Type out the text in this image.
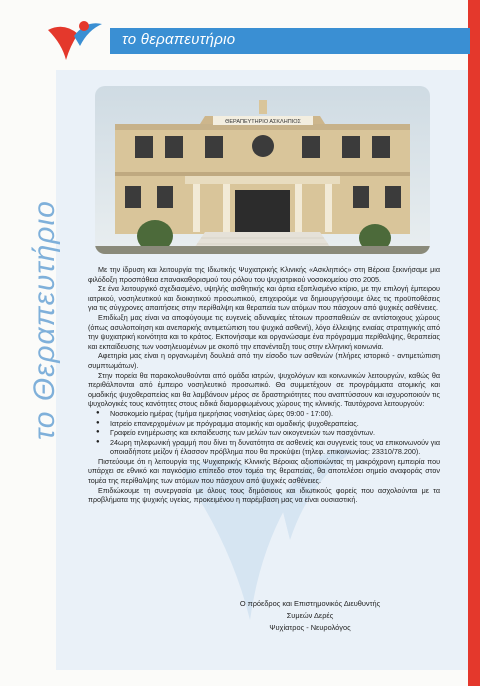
το θεραπευτήριο
το Θεραπευτήριο
ΘΕΡΑΠΕΥΤΗΡΙΟ ΑΣΚΛΗΠΙΟΣ

Με την ίδρυση και λειτουργία της Ιδιωτικής Ψυχιατρικής Κλινικής «Ασκληπιός» στη Βέροια ξεκινήσαμε μια φιλόδοξη προσπάθεια επανακαθορισμού του ρόλου του ψυχιατρικού νοσοκομείου στο 2005.

Σε ένα λειτουργικό σχεδιασμένο, υψηλής αισθητικής και άρτια εξοπλισμένο κτίριο, με την επιλογή έμπειρου ιατρικού, νοσηλευτικού και διοικητικού προσωπικού, επιχειρούμε να δημιουργήσουμε όλες τις προϋποθέσεις για τις σύγχρονες απαιτήσεις στην περίθαλψη και θεραπεία των ατόμων που πάσχουν από ψυχικές ασθένειες.

Επιδίωξη μας είναι να αποφύγουμε τις ευγενείς αδυναμίες τέτοιων προσπαθειών σε αντίστοιχους χώρους (όπως ασυλοποίηση και ανεπαρκής αντιμετώπιση του ψυχικά ασθενή), λόγο έλλειψης ενιαίας στρατηγικής από την ψυχιατρική κοινότητα και το κράτος. Εκπονήσαμε και οργανώσαμε ένα πρόγραμμα περίθαλψης, θεραπείας και εκπαίδευσης των νοσηλευομένων με σκοπό την επανένταξη τους στην ελληνική κοινωνία.

Αφετηρία μας είναι η οργανωμένη δουλειά από την είσοδο των ασθενών (πλήρες ιστορικό - αντιμετώπιση συμπτωμάτων).

Στην πορεία θα παρακολουθούνται από ομάδα ιατρών, ψυχολόγων και κοινωνικών λειτουργών, καθώς θα περιθάλπονται από έμπειρο νοσηλευτικό προσωπικό. Θα συμμετέχουν σε προγράμματα ατομικής και ομαδικής ψυχοθεραπείας και θα λαμβάνουν μέρος σε δραστηριότητες που αναπτύσσουν και ισχυροποιούν τις ψυχολογικές τους κανότητες στους ειδικά διαμορφωμένους χώρους της κλινικής. Ταυτόχρονα λειτουργούν:

● Νοσοκομείο ημέρας (τμήμα ημερήσιας νοσηλείας ώρες 09:00 - 17:00).
● Ιατρείο επανερχομένων με πρόγραμμα ατομικής και ομαδικής ψυχοθεραπείας.
● Γραφείο ενημέρωσης και εκπαίδευσης των μελών των οικογενειών των πασχόντων.
● 24ωρη τηλεφωνική γραμμή που δίνει τη δυνατότητα σε ασθενείς και συγγενείς τους να επικοινωνούν για οποιαδήποτε μείζον ή έλασσον πρόβλημα που θα προκύψει (τηλεφ. επικοινωνίας: 23310/78.200).

Πιστεύουμε ότι η λειτουργία της Ψυχιατρικής Κλινικής Βέροιας αξιοποιώντας τη μακρόχρονη εμπειρία που υπάρχει σε εθνικό και παγκόσμιο επίπεδο στον τομέα της θεραπείας, θα αποτελέσει σημείο αναφοράς στον τομέα της περίθαλψης των ατόμων που πάσχουν από ψυχικές ασθένειες.

Επιδιώκουμε τη συνεργασία με όλους τους δημόσιους και ιδιωτικούς φορείς που ασχολούνται με τα προβλήματα της ψυχικής υγείας, προκειμένου η παρέμβαση μας να είναι ουσιαστική.

Ο πρόεδρος και Επιστημονικός Διευθυντής
Συμεών Δερές
Ψυχίατρος - Νευρολόγος
